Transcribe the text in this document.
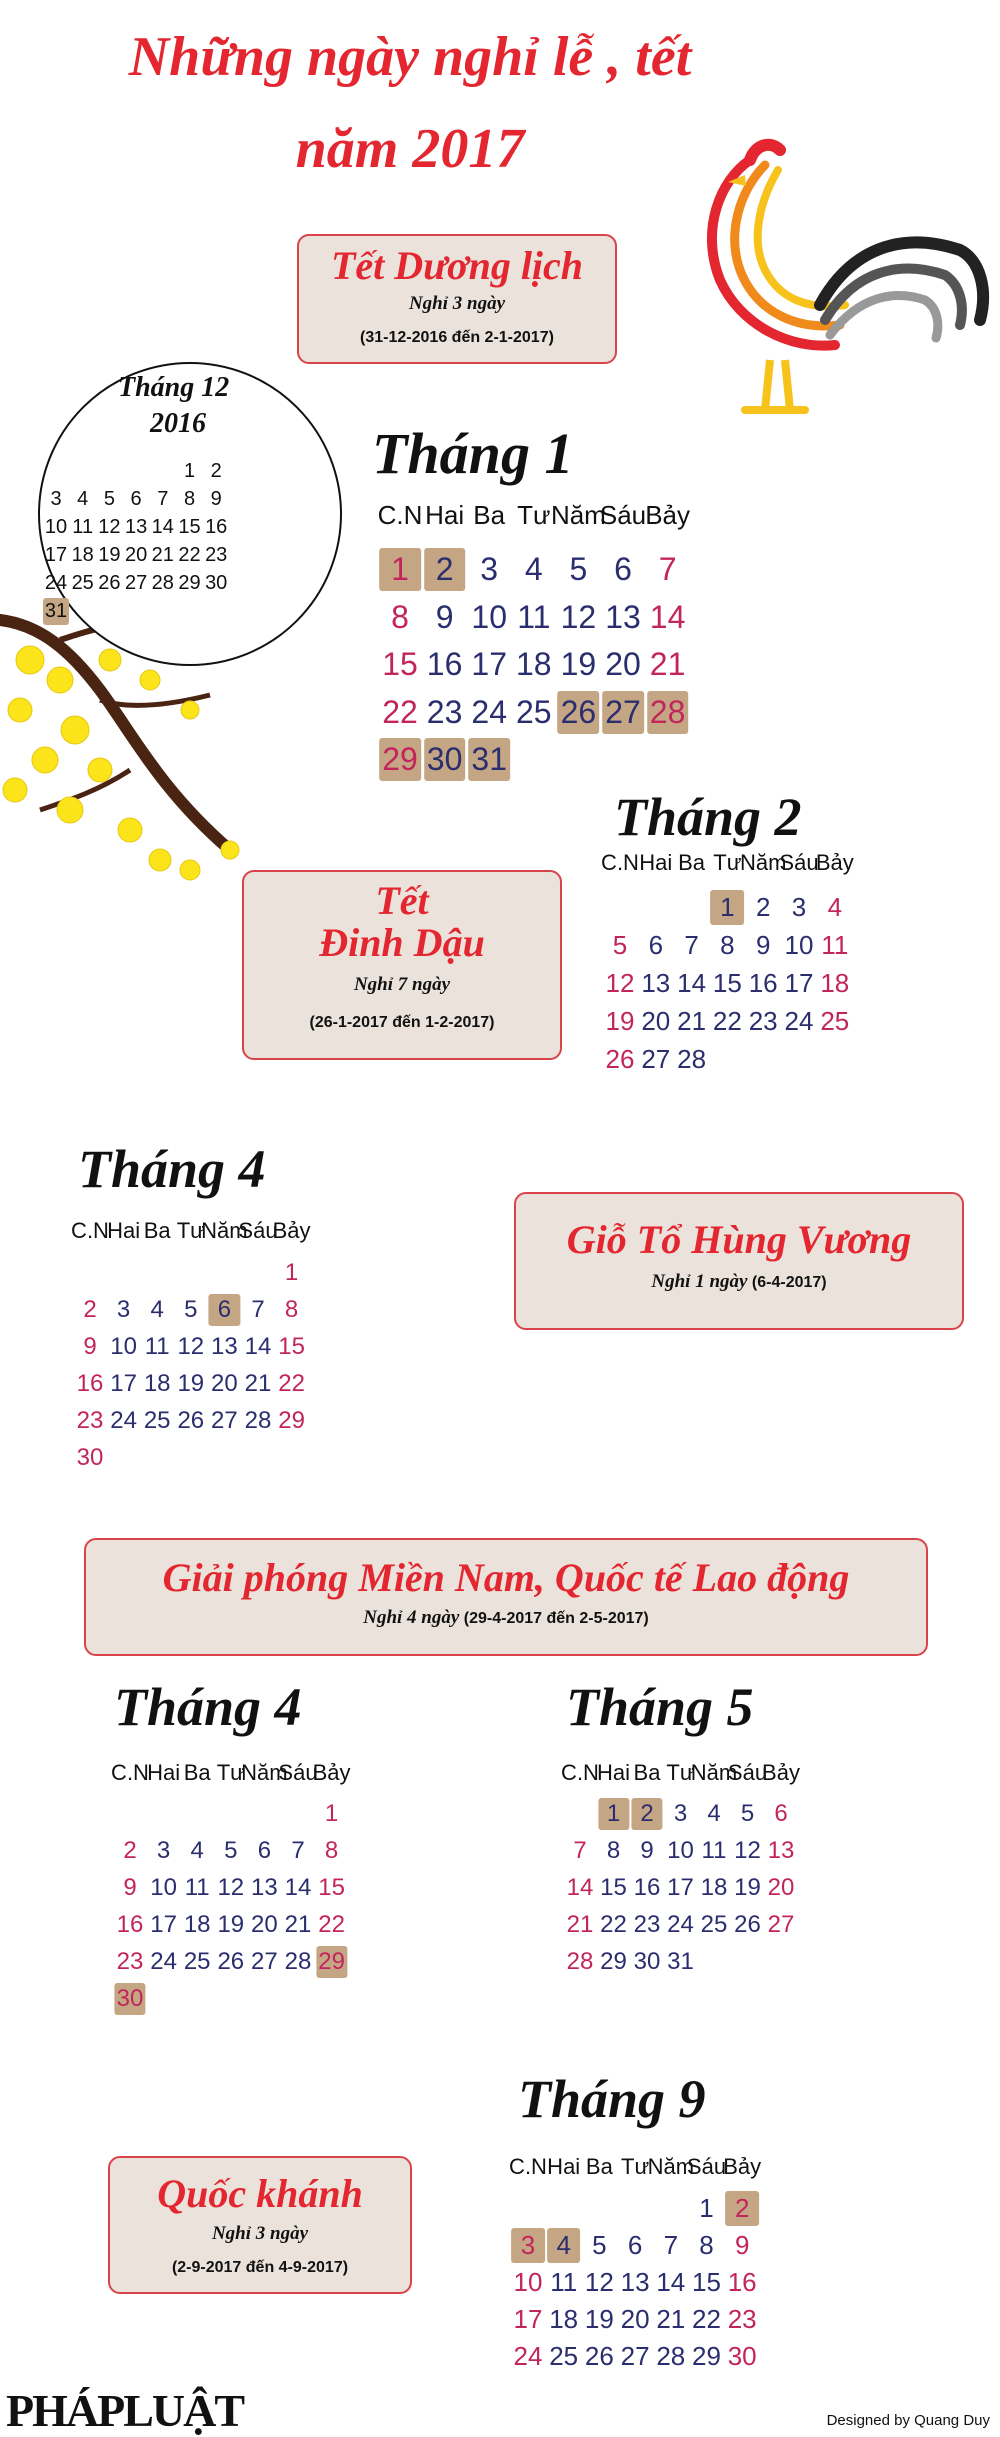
Những ngày nghỉ lễ , tết
năm 2017
Tháng 12
2016
1 2
3 4 5 6 7 8 9
10 11 12 13 14 15 16
17 18 19 20 21 22 23
24 25 26 27 28 29 30
31
Tết Dương lịch
Nghỉ 3 ngày
(31-12-2016 đến 2-1-2017)
Tháng 1
C.N Hai Ba Tư Năm
Sáu Bảy
1 2 3 4 5 6 7
8 9 10 11 12 13 14
15 16 17 18 19 20 21
22 23 24 25 26 27 28
29 30 31
Tết
Đinh Dậu
Nghỉ 7 ngày
(26-1-2017 đến 1-2-2017)
Tháng 2
C.N Hai Ba Tư
Năm
Sáu
Bảy
1 2 3 4
5 6 7 8 9 10 11
12 13 14 15 16 17 18
19 20 21 22 23 24 25
26 27 28
Tháng 4
C.N
Hai Ba Tư
Năm
Sáu
Bảy
1
2 3 4 5 6 7 8
9 10 11 12 13 14 15
16 17 18 19 20 21 22
23 24 25 26 27 28 29
30
Giỗ Tổ Hùng Vương
Nghỉ 1 ngày (6-4-2017)
Giải phóng Miền Nam, Quốc tế Lao động
Nghỉ 4 ngày (29-4-2017 đến 2-5-2017)
Tháng 4
C.N
Hai Ba Tư
Năm
Sáu
Bảy
1
2 3 4 5 6 7 8
9 10 11 12 13 14 15
16 17 18 19 20 21 22
23 24 25 26 27 28 29
30
Tháng 5
C.N
Hai Ba Tư
Năm
Sáu
Bảy
1 2 3 4 5 6
7 8 9 10 11 12 13
14 15 16 17 18 19 20
21 22 23 24 25 26 27
28 29 30 31
Tháng 9
C.N Hai Ba Tư
Năm
Sáu
Bảy
1 2
3 4 5 6 7 8 9
10 11 12 13 14 15 16
17 18 19 20 21 22 23
24 25 26 27 28 29 30
Quốc khánh
Nghỉ 3 ngày
(2-9-2017 đến 4-9-2017)
PHÁPLUẬT	Designed by Quang Duy
